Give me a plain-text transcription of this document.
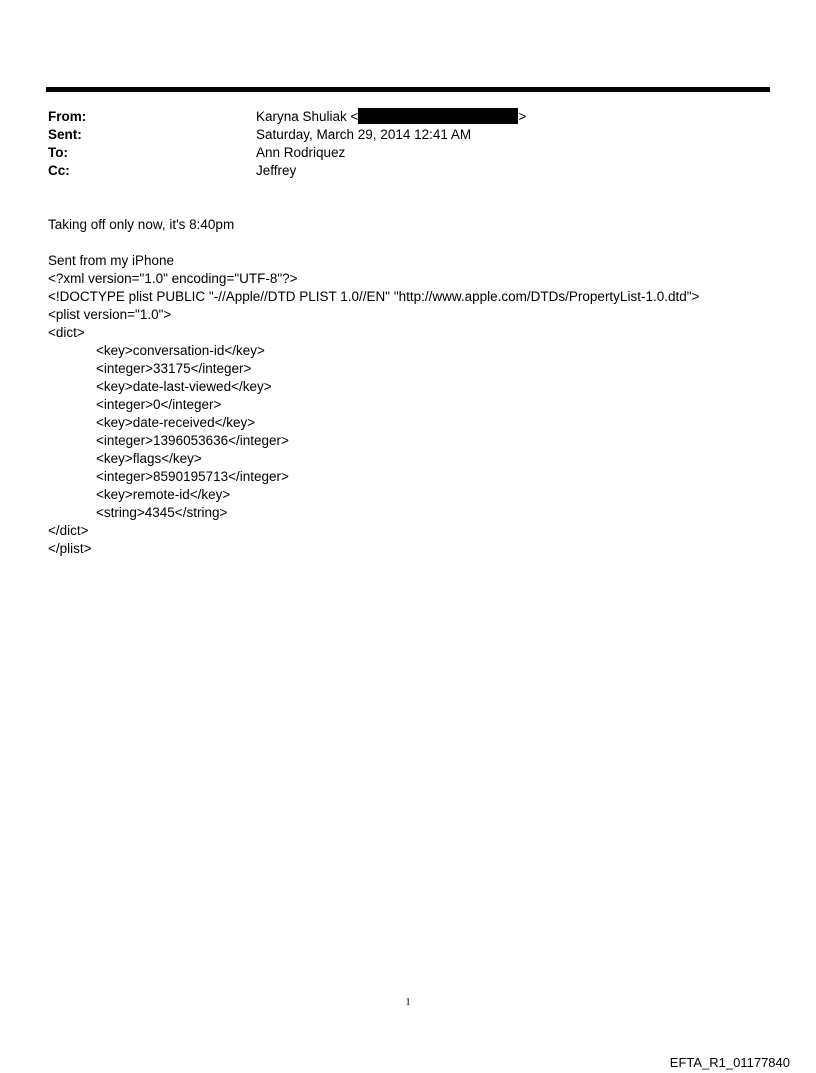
From:	Karyna Shuliak <	>
Sent:	Saturday, March 29, 2014 12:41 AM
To:	Ann Rodriquez
Cc:	Jeffrey
Taking off only now, it's 8:40pm
Sent from my iPhone
<?xml version="1.0" encoding="UTF-8"?>
<!DOCTYPE plist PUBLIC "-//Apple//DTD PLIST 1.0//EN" "http://www.apple.com/DTDs/PropertyList-1.0.dtd">
<plist version="1.0">
<dict>
<key>conversation-id</key>
<integer>33175</integer>
<key>date-last-viewed</key>
<integer>0</integer>
<key>date-received</key>
<integer>1396053636</integer>
<key>flags</key>
<integer>8590195713</integer>
<key>remote-id</key>
<string>4345</string>
</dict>
</plist>
1
EFTA_R1_01177840
